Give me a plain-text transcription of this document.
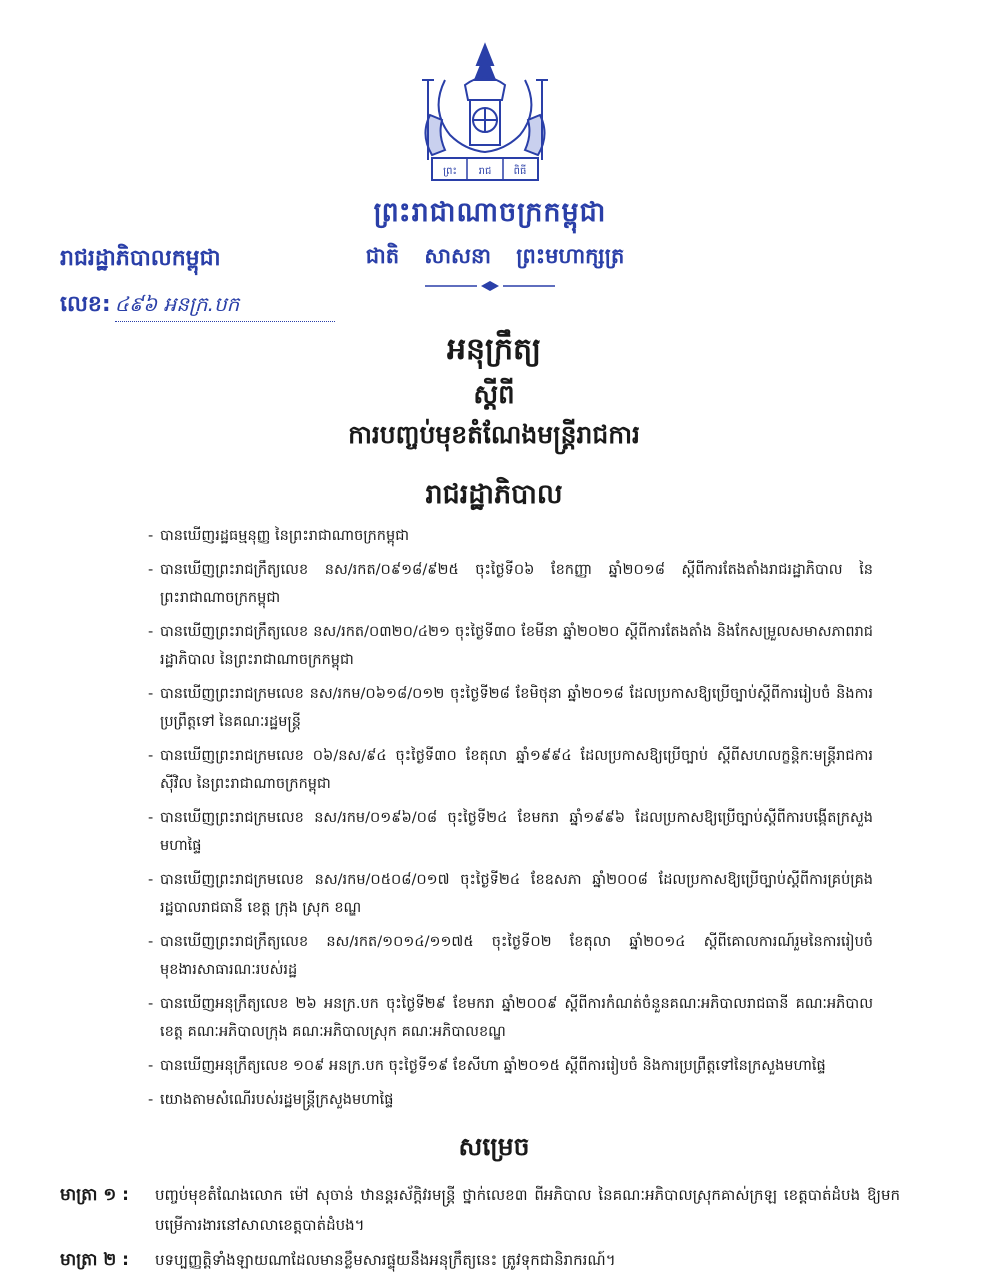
ព្រះ រាជ ពិធី
ព្រះរាជាណាចក្រកម្ពុជា
ជាតិ សាសនា ព្រះមហាក្សត្រ
រាជរដ្ឋាភិបាលកម្ពុជា
លេខ: ៤៩៦ អនក្រ.បក
អនុក្រឹត្យ
ស្តីពី
ការបញ្ចប់មុខតំណែងមន្ត្រីរាជការ
រាជរដ្ឋាភិបាល
- បានឃើញរដ្ឋធម្មនុញ្ញ នៃព្រះរាជាណាចក្រកម្ពុជា
- បានឃើញព្រះរាជក្រឹត្យលេខ នស/រកត/០៩១៨/៩២៥ ចុះថ្ងៃទី០៦ ខែកញ្ញា ឆ្នាំ២០១៨ ស្តីពីការតែងតាំងរាជរដ្ឋាភិបាល នៃព្រះរាជាណាចក្រកម្ពុជា
- បានឃើញព្រះរាជក្រឹត្យលេខ នស/រកត/០៣២០/៤២១ ចុះថ្ងៃទី៣០ ខែមីនា ឆ្នាំ២០២០ ស្តីពីការតែងតាំង និងកែសម្រួលសមាសភាពរាជរដ្ឋាភិបាល នៃព្រះរាជាណាចក្រកម្ពុជា
- បានឃើញព្រះរាជក្រមលេខ នស/រកម/០៦១៨/០១២ ចុះថ្ងៃទី២៨ ខែមិថុនា ឆ្នាំ២០១៨ ដែលប្រកាសឱ្យប្រើច្បាប់ស្តីពីការរៀបចំ និងការប្រព្រឹត្តទៅ នៃគណៈរដ្ឋមន្ត្រី
- បានឃើញព្រះរាជក្រមលេខ ០៦/នស/៩៤ ចុះថ្ងៃទី៣០ ខែតុលា ឆ្នាំ១៩៩៤ ដែលប្រកាសឱ្យប្រើច្បាប់ ស្តីពីសហលក្ខន្តិកៈមន្ត្រីរាជការស៊ីវិល នៃព្រះរាជាណាចក្រកម្ពុជា
- បានឃើញព្រះរាជក្រមលេខ នស/រកម/០១៩៦/០៨ ចុះថ្ងៃទី២៤ ខែមករា ឆ្នាំ១៩៩៦ ដែលប្រកាសឱ្យប្រើច្បាប់ស្តីពីការបង្កើតក្រសួងមហាផ្ទៃ
- បានឃើញព្រះរាជក្រមលេខ នស/រកម/០៥០៨/០១៧ ចុះថ្ងៃទី២៤ ខែឧសភា ឆ្នាំ២០០៨ ដែលប្រកាសឱ្យប្រើច្បាប់ស្តីពីការគ្រប់គ្រងរដ្ឋបាលរាជធានី ខេត្ត ក្រុង ស្រុក ខណ្ឌ
- បានឃើញព្រះរាជក្រឹត្យលេខ នស/រកត/១០១៤/១១៧៥ ចុះថ្ងៃទី០២ ខែតុលា ឆ្នាំ២០១៤ ស្តីពីគោលការណ៍រួមនៃការរៀបចំមុខងារសាធារណៈរបស់រដ្ឋ
- បានឃើញអនុក្រឹត្យលេខ ២៦ អនក្រ.បក ចុះថ្ងៃទី២៩ ខែមករា ឆ្នាំ២០០៩ ស្តីពីការកំណត់ចំនួនគណៈអភិបាលរាជធានី គណៈអភិបាលខេត្ត គណៈអភិបាលក្រុង គណៈអភិបាលស្រុក គណៈអភិបាលខណ្ឌ
- បានឃើញអនុក្រឹត្យលេខ ១០៩ អនក្រ.បក ចុះថ្ងៃទី១៩ ខែសីហា ឆ្នាំ២០១៥ ស្តីពីការរៀបចំ និងការប្រព្រឹត្តទៅនៃក្រសួងមហាផ្ទៃ
- យោងតាមសំណើរបស់រដ្ឋមន្ត្រីក្រសួងមហាផ្ទៃ
សម្រេច
មាត្រា ១ : បញ្ចប់មុខតំណែងលោក ម៉ៅ សុចាន់ ឋានន្តរស័ក្តិវរមន្ត្រី ថ្នាក់លេខ៣ ពីអភិបាល នៃគណៈអភិបាលស្រុកគាស់ក្រឡ ខេត្តបាត់ដំបង ឱ្យមកបម្រើការងារនៅសាលាខេត្តបាត់ដំបង។
មាត្រា ២ : បទប្បញ្ញត្តិទាំងឡាយណាដែលមានខ្លឹមសារផ្ទុយនឹងអនុក្រឹត្យនេះ ត្រូវទុកជានិរាករណ៍។
